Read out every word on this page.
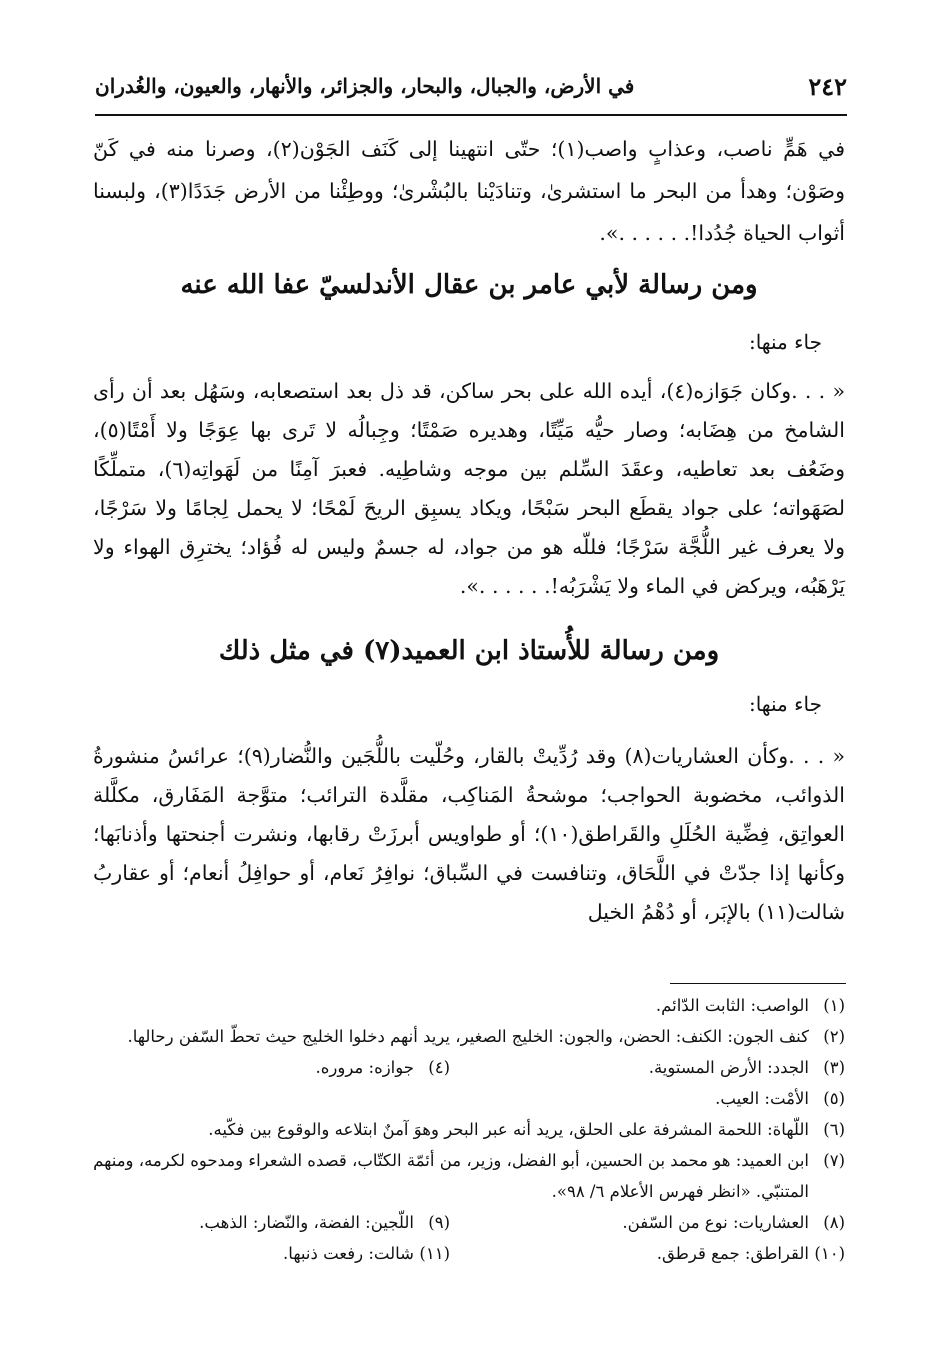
٢٤٢
في الأرض، والجبال، والبحار، والجزائر، والأنهار، والعيون، والغُدران

في هَمٍّ ناصب، وعذابٍ واصب(١)؛ حتّى انتهينا إلى كَنَف الجَوْن(٢)، وصرنا منه في كَنّ وصَوْن؛ وهدأ من البحر ما استشرىٰ، وتنادَيْنا بالبُشْرىٰ؛ ووطِئْنا من الأرض جَدَدًا(٣)، ولبسنا أثواب الحياة جُدُدا!. . . . . .».

ومن رسالة لأبي عامر بن عقال الأندلسيّ عفا الله عنه

جاء منها:

« . . .وكان جَوَازه(٤)، أيده الله على بحر ساكن، قد ذل بعد استصعابه، وسَهُل بعد أن رأى الشامخ من هِضَابه؛ وصار حيُّه مَيِّتًا، وهديره صَمْتًا؛ وجِبالُه لا تَرى بها عِوَجًا ولا أَمْتًا(٥)، وضَعُف بعد تعاطيه، وعقَدَ السِّلم بين موجه وشاطِيه. فعبرَ آمِنًا من لَهَواتِه(٦)، متملِّكًا لصَهَواته؛ على جواد يقطَع البحر سَبْحًا، ويكاد يسبِق الريحَ لَمْحًا؛ لا يحمل لِجامًا ولا سَرْجًا، ولا يعرف غير اللُّجَّة سَرْجًا؛ فللّه هو من جواد، له جسمٌ وليس له فُؤاد؛ يخترِق الهواء ولا يَرْهَبُه، ويركض في الماء ولا يَشْرَبُه!. . . . . .».

ومن رسالة للأُستاذ ابن العميد(٧) في مثل ذلك

جاء منها:

« . . .وكأن العشاريات(٨) وقد رُدِّيتْ بالقار، وحُلّيت باللُّجَين والنُّضار(٩)؛ عرائسُ منشورةُ الذوائب، مخضوبة الحواجب؛ موشحةُ المَناكِب، مقلَّدة الترائب؛ متوَّجة المَفَارق، مكلَّلة العواتِق، فِضِّية الحُلَلِ والقَراطق(١٠)؛ أو طواويس أبرزَتْ رقابها، ونشرت أجنحتها وأذنابَها؛ وكأنها إذا جدّتْ في اللَّحَاق، وتنافست في السِّباق؛ نوافِرُ نَعام، أو حوافِلُ أنعام؛ أو عقاربُ شالت(١١) بالإبَر، أو دُهْمُ الخيل

(١)
الواصب: الثابت الدّائم.
(٢)
كنف الجون: الكنف: الحضن، والجون: الخليج الصغير، يريد أنهم دخلوا الخليج حيث تحطّ السّفن رحالها.
(٣)
الجدد: الأرض المستوية.
(٤)
جوازه: مروره.
(٥)
الأمْت: العيب.
(٦)
اللّهاة: اللحمة المشرفة على الحلق، يريد أنه عبر البحر وهوَ آمنٌ ابتلاعه والوقوع بين فكّيه.
(٧)
ابن العميد: هو محمد بن الحسين، أبو الفضل، وزير، من أئمّة الكتّاب، قصده الشعراء ومدحوه لكرمه، ومنهم المتنبّي. «انظر فهرس الأعلام ٦/ ٩٨».
(٨)
العشاريات: نوع من السّفن.
(٩)
اللّجين: الفضة، والنّضار: الذهب.
(١٠)
القراطق: جمع قرطق.
(١١)
شالت: رفعت ذنبها.
